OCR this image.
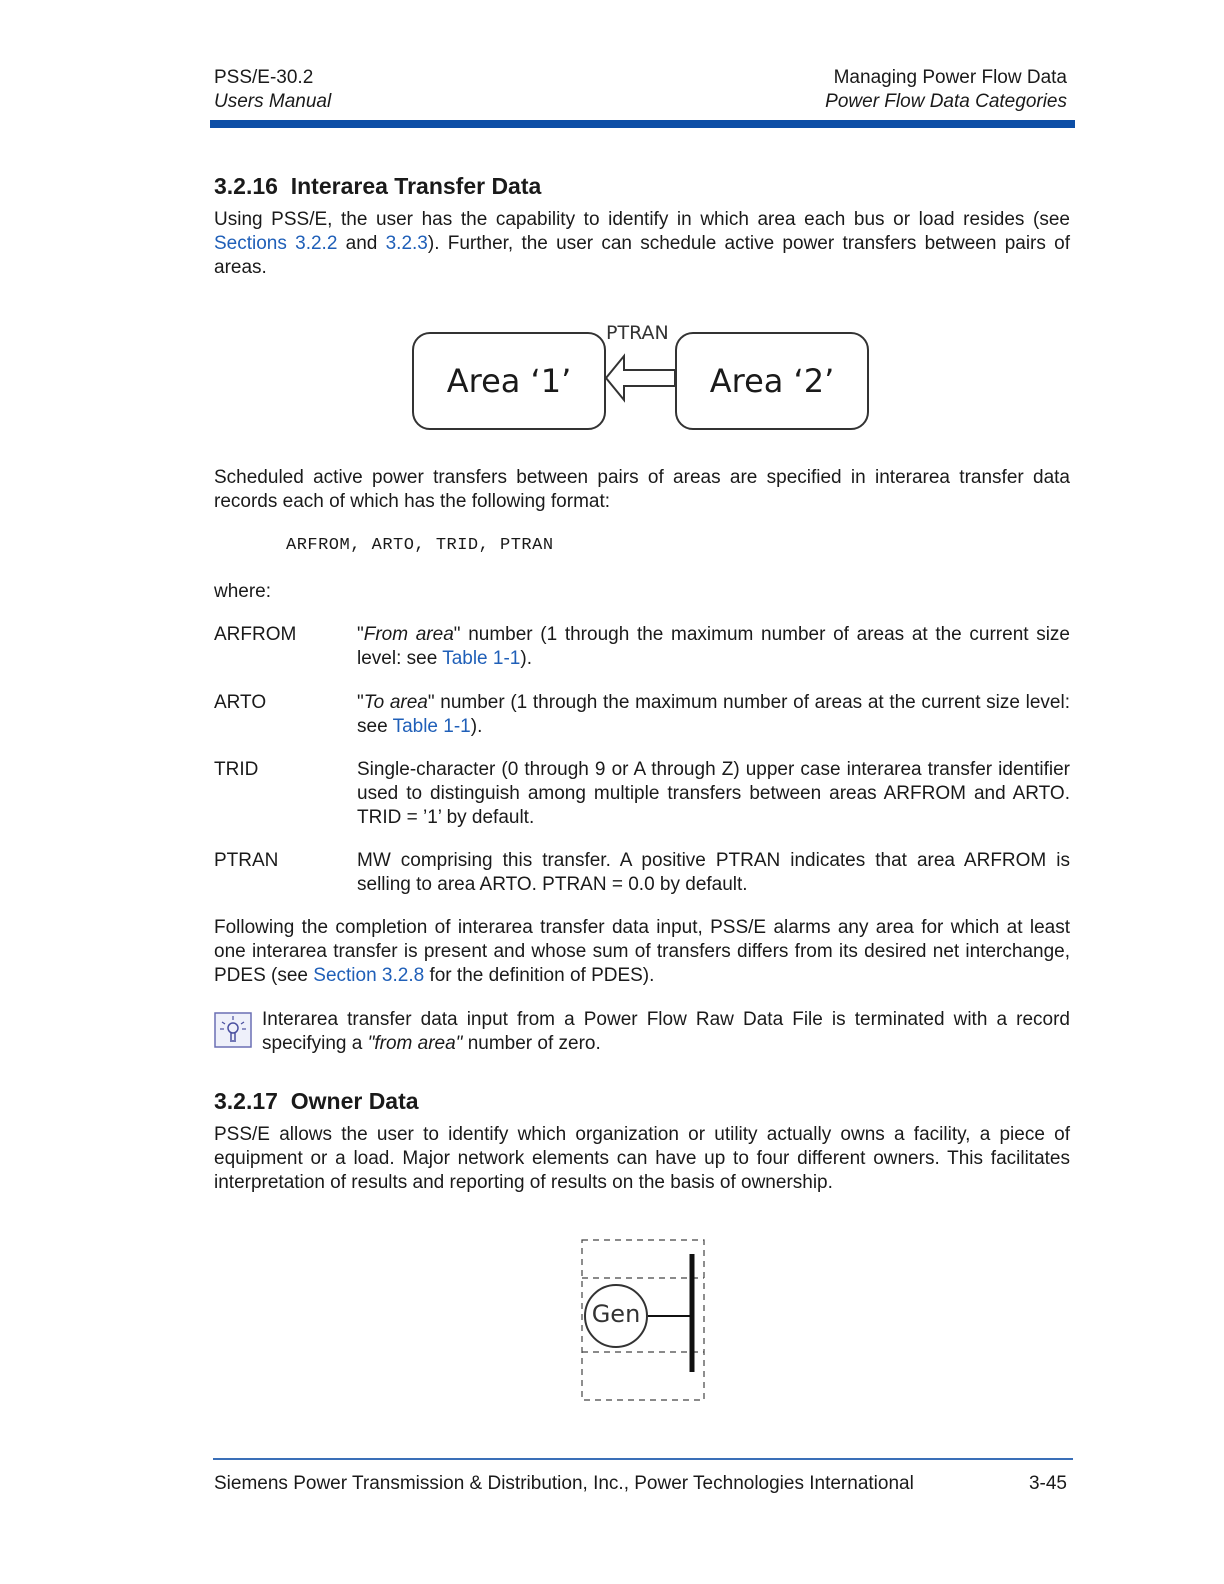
PSS/E-30.2
Users Manual
Managing Power Flow Data
Power Flow Data Categories
3.2.16 Interarea Transfer Data
Using PSS/E, the user has the capability to identify in which area each bus or load resides (see Sections 3.2.2 and 3.2.3). Further, the user can schedule active power transfers between pairs of areas.
Area ‘1’	Area ‘2’
PTRAN
Scheduled active power transfers between pairs of areas are specified in interarea transfer data records each of which has the following format:
ARFROM, ARTO, TRID, PTRAN
where:
ARFROM	"From area" number (1 through the maximum number of areas at the current size level: see Table 1-1).
ARTO	"To area" number (1 through the maximum number of areas at the current size level: see Table 1-1).
TRID	Single-character (0 through 9 or A through Z) upper case interarea transfer identifier used to distinguish among multiple transfers between areas ARFROM and ARTO. TRID = ’1’ by default.
PTRAN	MW comprising this transfer. A positive PTRAN indicates that area ARFROM is selling to area ARTO. PTRAN = 0.0 by default.
Following the completion of interarea transfer data input, PSS/E alarms any area for which at least one interarea transfer is present and whose sum of transfers differs from its desired net interchange, PDES (see Section 3.2.8 for the definition of PDES).
Interarea transfer data input from a Power Flow Raw Data File is terminated with a record specifying a "from area" number of zero.
3.2.17 Owner Data
PSS/E allows the user to identify which organization or utility actually owns a facility, a piece of equipment or a load. Major network elements can have up to four different owners. This facilitates interpretation of results and reporting of results on the basis of ownership.
Gen
Siemens Power Transmission & Distribution, Inc., Power Technologies International	3-45
